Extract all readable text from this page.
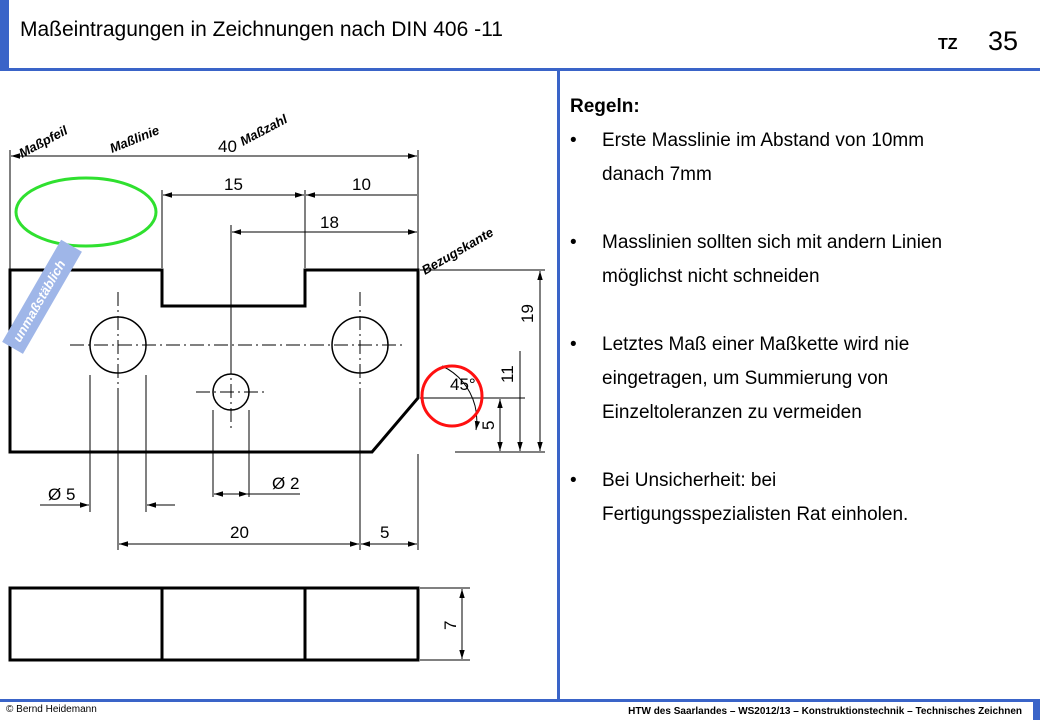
Maßeintragungen in Zeichnungen nach DIN 406 -11
TZ 35
Regeln:
• Erste Masslinie im Abstand von 10mm
danach 7mm
• Masslinien sollten sich mit andern Linien
möglichst nicht schneiden
• Letztes Maß einer Maßkette wird nie
eingetragen, um Summierung von
Einzeltoleranzen zu vermeiden
• Bei Unsicherheit: bei
Fertigungsspezialisten Rat einholen.
40
15	10
18
19
11
5
45°
Ø 5
Ø 2
20	5
7
Maßpfeil	Maßlinie	Maßzahl
Bezugskante
unmaßstäblich
© Bernd Heidemann	HTW des Saarlandes – WS2012/13 – Konstruktionstechnik – Technisches Zeichnen
